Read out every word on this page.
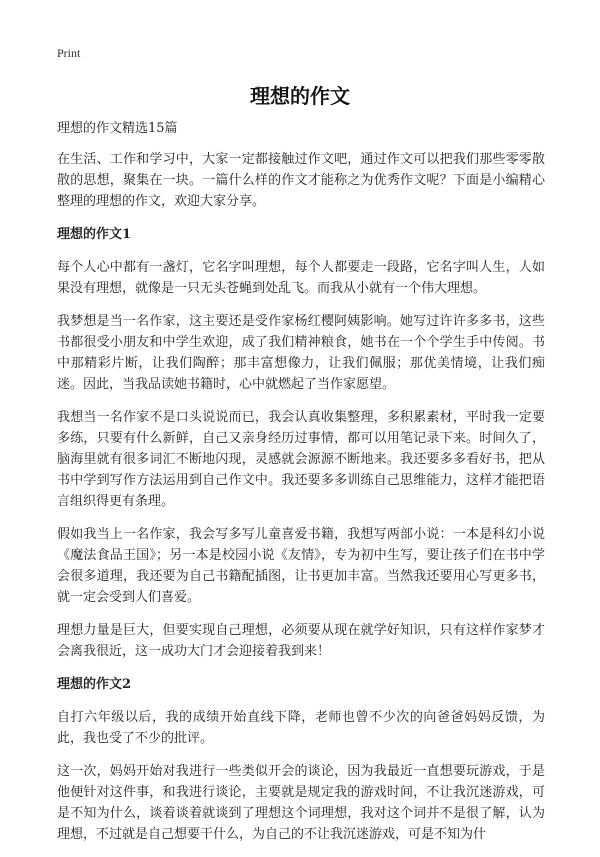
Print
理想的作文

理想的作文精选15篇

在生活、工作和学习中，大家一定都接触过作文吧，通过作文可以把我们那些零零散散的思想，聚集在一块。一篇什么样的作文才能称之为优秀作文呢？下面是小编精心整理的理想的作文，欢迎大家分享。

理想的作文1

每个人心中都有一盏灯，它名字叫理想，每个人都要走一段路，它名字叫人生，人如果没有理想，就像是一只无头苍蝇到处乱飞。而我从小就有一个伟大理想。

我梦想是当一名作家，这主要还是受作家杨红樱阿姨影响。她写过许许多多书，这些书都很受小朋友和中学生欢迎，成了我们精神粮食，她书在一个个学生手中传阅。书中那精彩片断，让我们陶醉；那丰富想像力，让我们佩服；那优美情境，让我们痴迷。因此，当我品读她书籍时，心中就燃起了当作家愿望。

我想当一名作家不是口头说说而已，我会认真收集整理，多积累素材，平时我一定要多练，只要有什么新鲜，自己又亲身经历过事情，都可以用笔记录下来。时间久了，脑海里就有很多词汇不断地闪现，灵感就会源源不断地来。我还要多多看好书，把从书中学到写作方法运用到自己作文中。我还要多多训练自己思维能力，这样才能把语言组织得更有条理。

假如我当上一名作家，我会写多写儿童喜爱书籍，我想写两部小说：一本是科幻小说《魔法食品王国》；另一本是校园小说《友情》，专为初中生写，要让孩子们在书中学会很多道理，我还要为自己书籍配插图，让书更加丰富。当然我还要用心写更多书，就一定会受到人们喜爱。

理想力量是巨大，但要实现自己理想，必须要从现在就学好知识，只有这样作家梦才会离我很近，这一成功大门才会迎接着我到来！

理想的作文2

自打六年级以后，我的成绩开始直线下降，老师也曾不少次的向爸爸妈妈反馈，为此，我也受了不少的批评。

这一次，妈妈开始对我进行一些类似开会的谈论，因为我最近一直想要玩游戏，于是他便针对这件事，和我进行谈论，主要就是规定我的游戏时间，不让我沉迷游戏，可是不知为什么，谈着谈着就谈到了理想这个词理想，我对这个词并不是很了解，认为理想，不过就是自己想要干什么，为自己的不让我沉迷游戏，可是不知为什
